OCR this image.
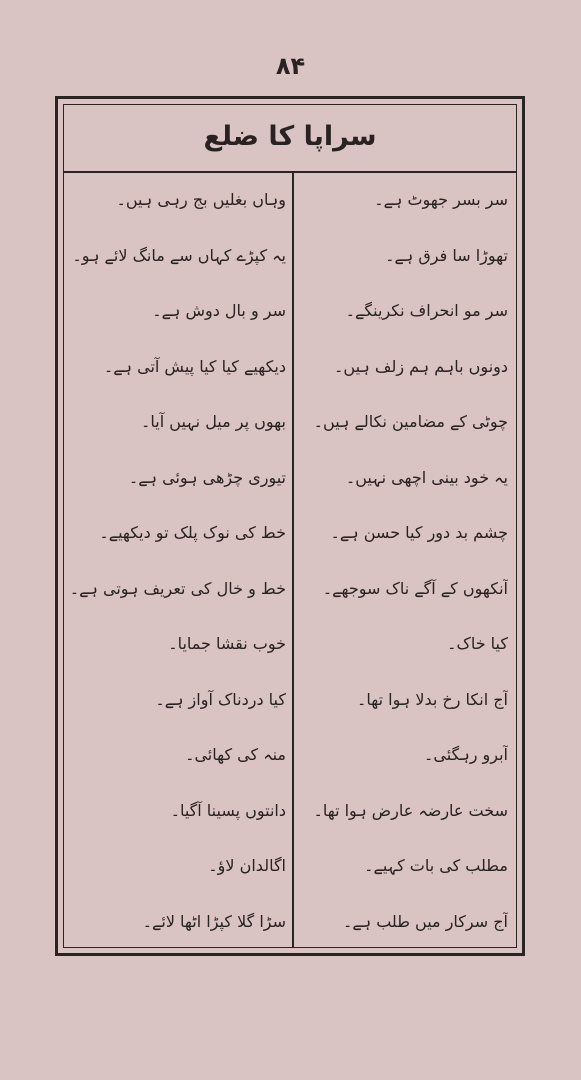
۸۴
سراپا کا ضلع
سر بسر جھوٹ ہے۔
تھوڑا سا فرق ہے۔
سر مو انحراف نکرینگے۔
دونوں باہم ہم زلف ہیں۔
چوٹی کے مضامین نکالے ہیں۔
یہ خود بینی اچھی نہیں۔
چشم بد دور کیا حسن ہے۔
آنکھوں کے آگے ناک سوجھے۔
کیا خاک۔
آج انکا رخ بدلا ہوا تھا۔
آبرو رہگئی۔
سخت عارضہ عارض ہوا تھا۔
مطلب کی بات کہیے۔
آج سرکار میں طلب ہے۔
وہاں بغلیں بج رہی ہیں۔
یہ کپڑے کہاں سے مانگ لائے ہو۔
سر و بال دوش ہے۔
دیکھیے کیا کیا پیش آتی ہے۔
بھوں پر میل نہیں آیا۔
تیوری چڑھی ہوئی ہے۔
خط کی نوک پلک تو دیکھیے۔
خط و خال کی تعریف ہوتی ہے۔
خوب نقشا جمایا۔
کیا دردناک آواز ہے۔
منہ کی کھائی۔
دانتوں پسینا آگیا۔
اگالدان لاؤ۔
سڑا گلا کپڑا اٹھا لائے۔
